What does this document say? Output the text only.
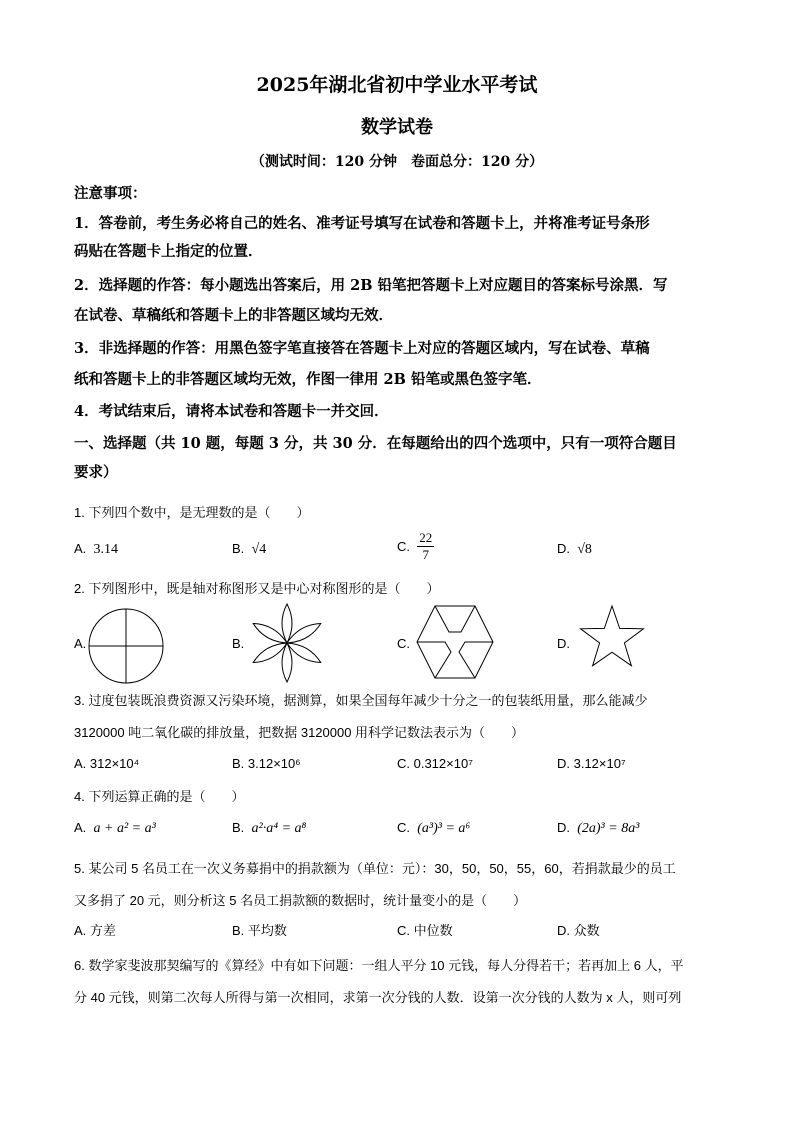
2025年湖北省初中学业水平考试
数学试卷
（测试时间：120 分钟　卷面总分：120 分）
注意事项：
1．答卷前，考生务必将自己的姓名、准考证号填写在试卷和答题卡上，并将准考证号条形
码贴在答题卡上指定的位置．
2．选择题的作答：每小题选出答案后，用 2B 铅笔把答题卡上对应题目的答案标号涂黑．写
在试卷、草稿纸和答题卡上的非答题区域均无效．
3．非选择题的作答：用黑色签字笔直接答在答题卡上对应的答题区域内，写在试卷、草稿
纸和答题卡上的非答题区域均无效，作图一律用 2B 铅笔或黑色签字笔．
4．考试结束后，请将本试卷和答题卡一并交回．
一、选择题（共 10 题，每题 3 分，共 30 分．在每题给出的四个选项中，只有一项符合题目
要求）
1. 下列四个数中，是无理数的是（　　）
A. 3.14	B. √4	C. $\frac{22}{7}$	D. √8
2. 下列图形中，既是轴对称图形又是中心对称图形的是（　　）
A.	B.	C.	D.
3. 过度包装既浪费资源又污染环境，据测算，如果全国每年减少十分之一的包装纸用量，那么能减少
3120000 吨二氧化碳的排放量，把数据 3120000 用科学记数法表示为（　　）
A. 312×10⁴	B. 3.12×10⁶	C. 0.312×10⁷	D. 3.12×10⁷
4. 下列运算正确的是（　　）
A. a + a² = a³	B. a²·a⁴ = a⁸	C. (a³)³ = a⁶	D. (2a)³ = 8a³
5. 某公司 5 名员工在一次义务募捐中的捐款额为（单位：元）：30，50，50，55，60，若捐款最少的员工
又多捐了 20 元，则分析这 5 名员工捐款额的数据时，统计量变小的是（　　）
A. 方差	B. 平均数	C. 中位数	D. 众数
6. 数学家斐波那契编写的《算经》中有如下问题：一组人平分 10 元钱，每人分得若干；若再加上 6 人，平
分 40 元钱，则第二次每人所得与第一次相同，求第一次分钱的人数．设第一次分钱的人数为 x 人，则可列
